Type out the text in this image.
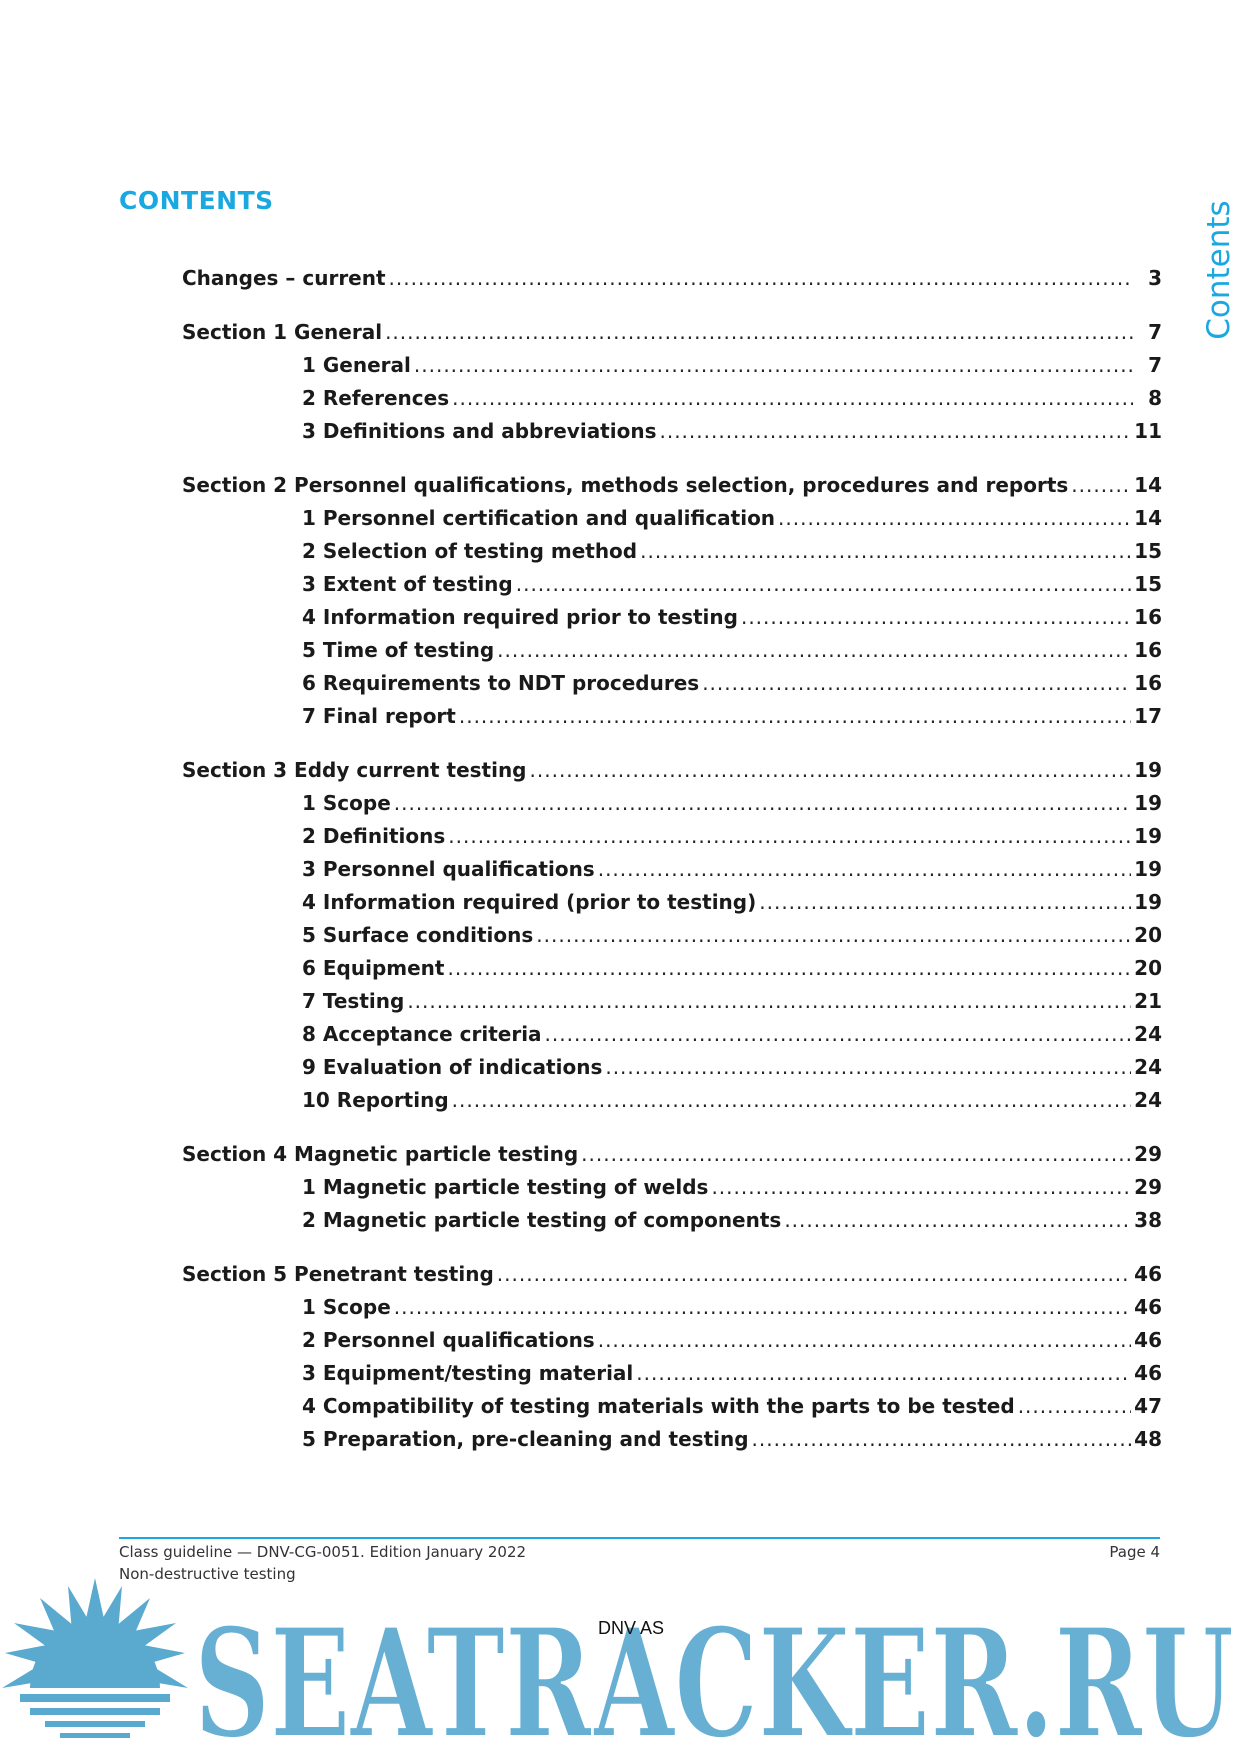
CONTENTS	Contents
Changes – current .....	3
Section 1 General .....	7
1 General .....	7
2 References .....	8
3 Definitions and abbreviations .....	11
Section 2 Personnel qualifications, methods selection, procedures and reports .....	14
1 Personnel certification and qualification .....	14
2 Selection of testing method .....	15
3 Extent of testing .....	15
4 Information required prior to testing .....	16
5 Time of testing .....	16
6 Requirements to NDT procedures .....	16
7 Final report .....	17
Section 3 Eddy current testing .....	19
1 Scope .....	19
2 Definitions .....	19
3 Personnel qualifications .....	19
4 Information required (prior to testing) .....	19
5 Surface conditions .....	20
6 Equipment .....	20
7 Testing .....	21
8 Acceptance criteria .....	24
9 Evaluation of indications .....	24
10 Reporting .....	24
Section 4 Magnetic particle testing .....	29
1 Magnetic particle testing of welds .....	29
2 Magnetic particle testing of components .....	38
Section 5 Penetrant testing .....	46
1 Scope .....	46
2 Personnel qualifications .....	46
3 Equipment/testing material .....	46
4 Compatibility of testing materials with the parts to be tested .....	47
5 Preparation, pre-cleaning and testing .....	48
Class guideline — DNV-CG-0051. Edition January 2022
Non-destructive testing
Page 4
SEATRACKER.RU
DNV AS
